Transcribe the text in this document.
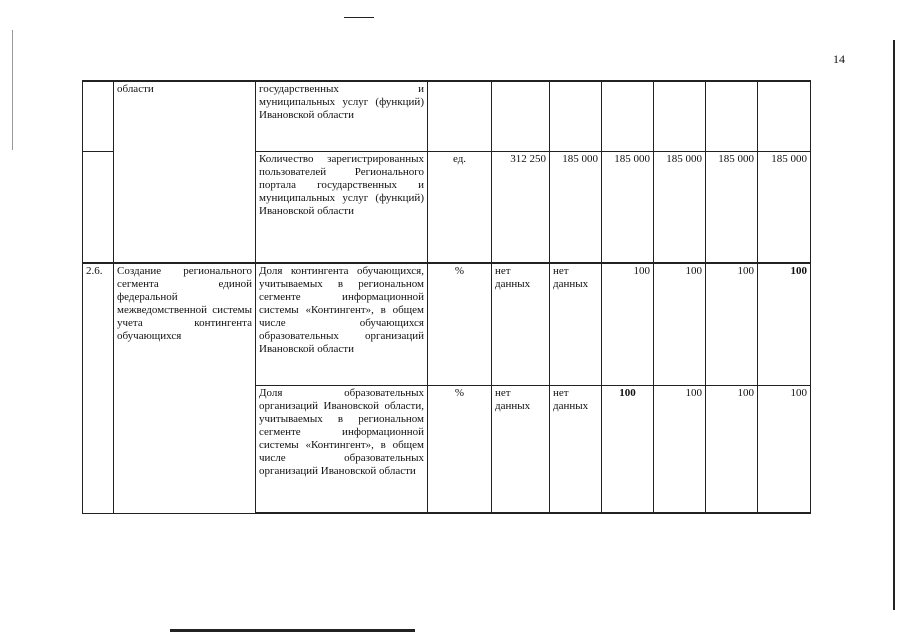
14
	области	государственных и муниципальных услуг (функций) Ивановской области							
		Количество зарегистрированных пользователей Регионального портала государственных и муниципальных услуг (функций) Ивановской области	ед.	312 250	185 000	185 000	185 000	185 000	185 000
2.6.	Создание регионального сегмента единой федеральной межведомственной системы учета контингента обучающихся	Доля контингента обучающихся, учитываемых в региональном сегменте информационной системы «Контингент», в общем числе обучающихся образовательных организаций Ивановской области	%	нет данных	нет данных	100	100	100	100
		Доля образовательных организаций Ивановской области, учитываемых в региональном сегменте информационной системы «Контингент», в общем числе образовательных организаций Ивановской области	%	нет данных	нет данных	100	100	100	100
